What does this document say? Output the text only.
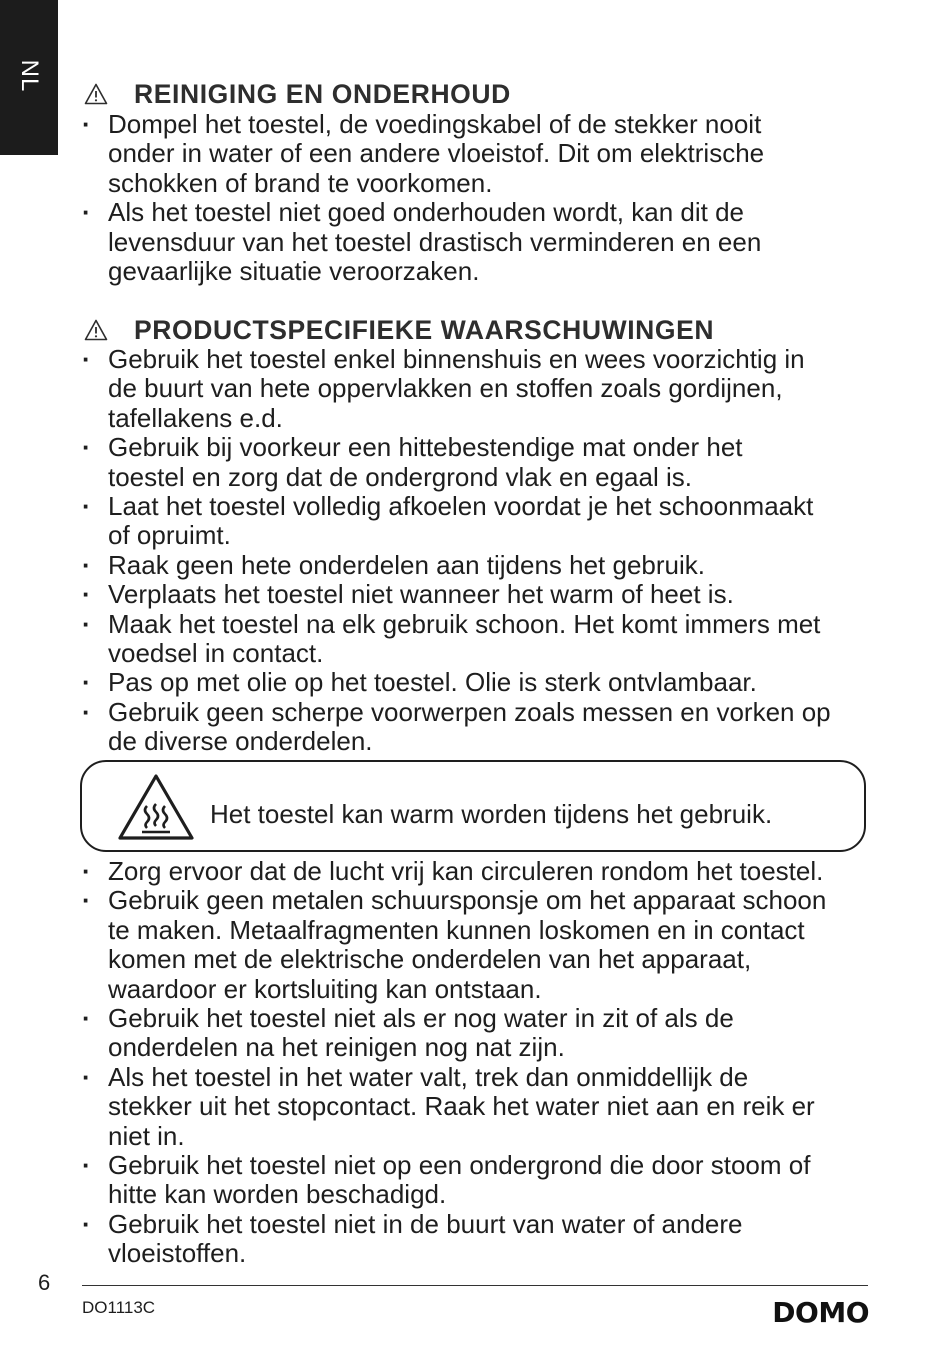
NL
REINIGING EN ONDERHOUD
· Dompel het toestel, de voedingskabel of de stekker nooit
onder in water of een andere vloeistof. Dit om elektrische
schokken of brand te voorkomen.
· Als het toestel niet goed onderhouden wordt, kan dit de
levensduur van het toestel drastisch verminderen en een
gevaarlijke situatie veroorzaken.
PRODUCTSPECIFIEKE WAARSCHUWINGEN
· Gebruik het toestel enkel binnenshuis en wees voorzichtig in
de buurt van hete oppervlakken en stoffen zoals gordijnen,
tafellakens e.d.
· Gebruik bij voorkeur een hittebestendige mat onder het
toestel en zorg dat de ondergrond vlak en egaal is.
· Laat het toestel volledig afkoelen voordat je het schoonmaakt
of opruimt.
· Raak geen hete onderdelen aan tijdens het gebruik.
· Verplaats het toestel niet wanneer het warm of heet is.
· Maak het toestel na elk gebruik schoon. Het komt immers met
voedsel in contact.
· Pas op met olie op het toestel. Olie is sterk ontvlambaar.
· Gebruik geen scherpe voorwerpen zoals messen en vorken op
de diverse onderdelen.
Het toestel kan warm worden tijdens het gebruik.
· Zorg ervoor dat de lucht vrij kan circuleren rondom het toestel.
· Gebruik geen metalen schuursponsje om het apparaat schoon
te maken. Metaalfragmenten kunnen loskomen en in contact
komen met de elektrische onderdelen van het apparaat,
waardoor er kortsluiting kan ontstaan.
· Gebruik het toestel niet als er nog water in zit of als de
onderdelen na het reinigen nog nat zijn.
· Als het toestel in het water valt, trek dan onmiddellijk de
stekker uit het stopcontact. Raak het water niet aan en reik er
niet in.
· Gebruik het toestel niet op een ondergrond die door stoom of
hitte kan worden beschadigd.
· Gebruik het toestel niet in de buurt van water of andere
vloeistoffen.
6
DO1113C	DOMO
